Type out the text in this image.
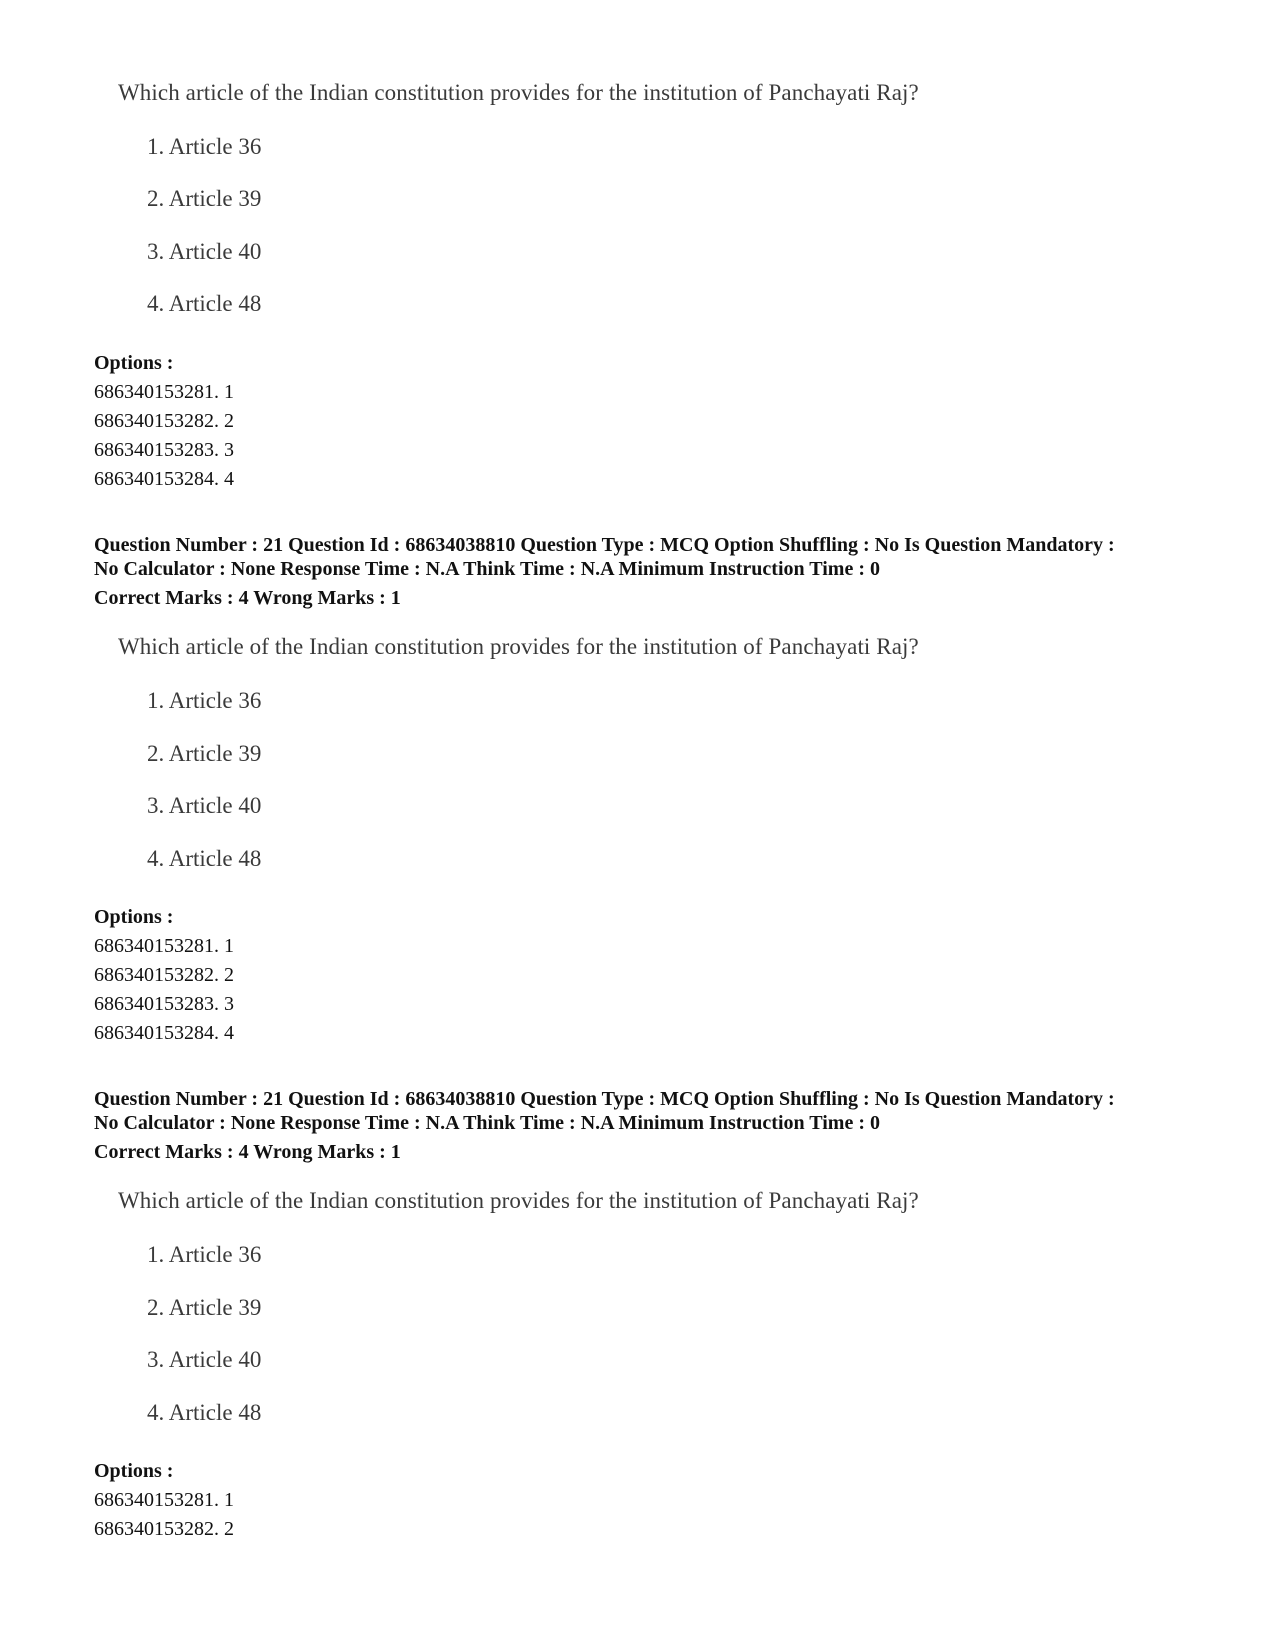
Which article of the Indian constitution provides for the institution of Panchayati Raj?
1. Article 36
2. Article 39
3. Article 40
4. Article 48
Options :
686340153281. 1
686340153282. 2
686340153283. 3
686340153284. 4
Question Number : 21 Question Id : 68634038810 Question Type : MCQ Option Shuffling : No Is Question Mandatory :
No Calculator : None Response Time : N.A Think Time : N.A Minimum Instruction Time : 0
Correct Marks : 4 Wrong Marks : 1
Which article of the Indian constitution provides for the institution of Panchayati Raj?
1. Article 36
2. Article 39
3. Article 40
4. Article 48
Options :
686340153281. 1
686340153282. 2
686340153283. 3
686340153284. 4
Question Number : 21 Question Id : 68634038810 Question Type : MCQ Option Shuffling : No Is Question Mandatory :
No Calculator : None Response Time : N.A Think Time : N.A Minimum Instruction Time : 0
Correct Marks : 4 Wrong Marks : 1
Which article of the Indian constitution provides for the institution of Panchayati Raj?
1. Article 36
2. Article 39
3. Article 40
4. Article 48
Options :
686340153281. 1
686340153282. 2
